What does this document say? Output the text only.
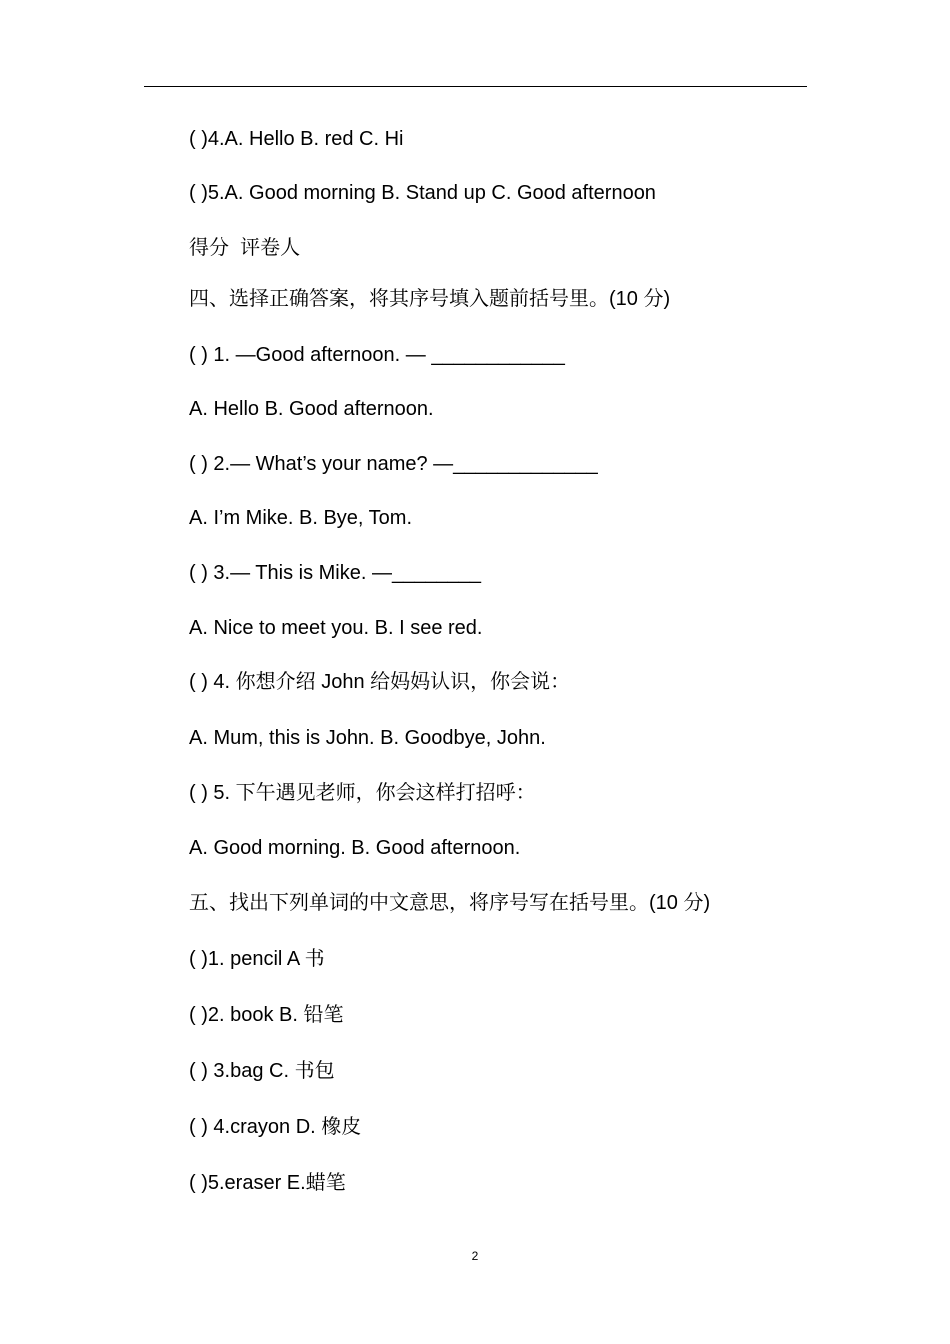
( )4.A. Hello B. red C. Hi
( )5.A. Good morning B. Stand up C. Good afternoon
得分  评卷人
四、选择正确答案，将其序号填入题前括号里。(10 分)
( ) 1. —Good afternoon. — ____________
A. Hello B. Good afternoon.
( ) 2.— What’s your name? —_____________
A. I’m Mike. B. Bye, Tom.
( ) 3.— This is Mike. —________
A. Nice to meet you. B. I see red.
( ) 4. 你想介绍 John 给妈妈认识，你会说：
A. Mum, this is John. B. Goodbye, John.
( ) 5. 下午遇见老师，你会这样打招呼：
A. Good morning. B. Good afternoon.
五、找出下列单词的中文意思，将序号写在括号里。(10 分)
( )1. pencil A 书
( )2. book B. 铅笔
( ) 3.bag C. 书包
( ) 4.crayon D. 橡皮
( )5.eraser E.蜡笔
2
